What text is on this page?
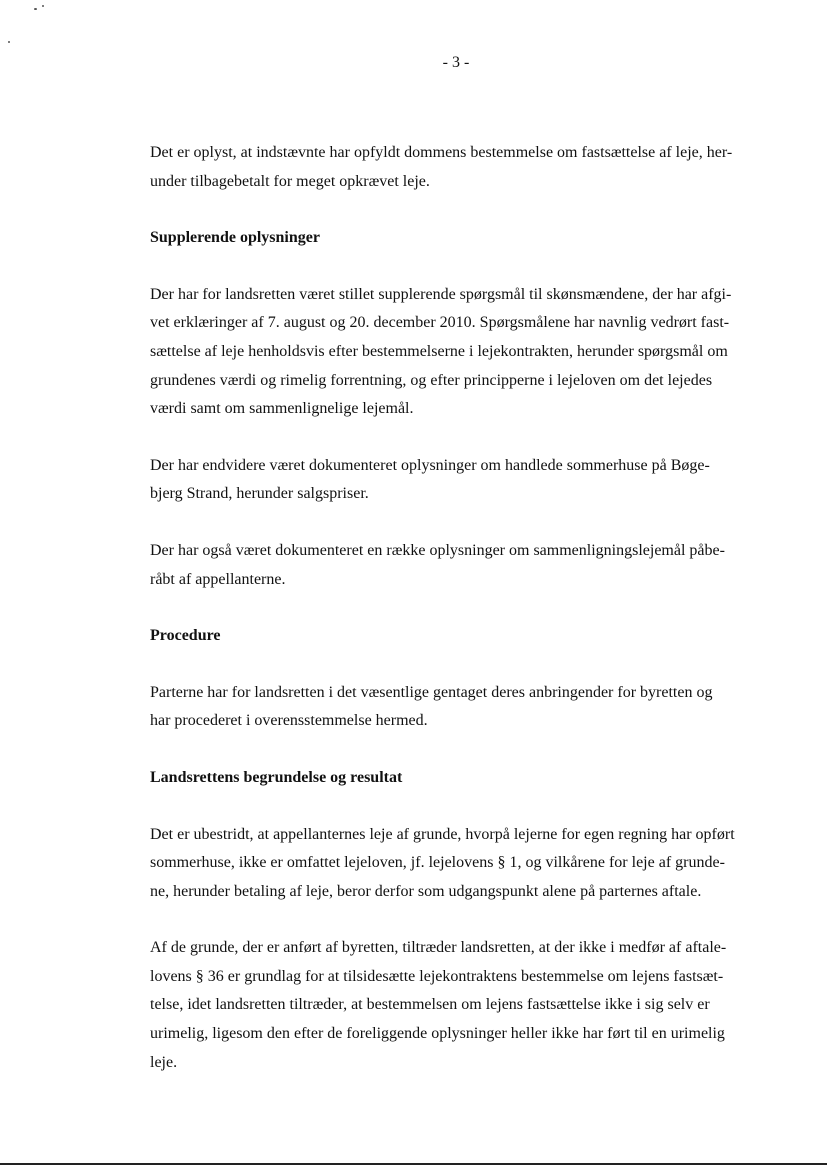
- 3 -

Det er oplyst, at indstævnte har opfyldt dommens bestemmelse om fastsættelse af leje, her-
under tilbagebetalt for meget opkrævet leje.

Supplerende oplysninger

Der har for landsretten været stillet supplerende spørgsmål til skønsmændene, der har afgi-
vet erklæringer af 7. august og 20. december 2010. Spørgsmålene har navnlig vedrørt fast-
sættelse af leje henholdsvis efter bestemmelserne i lejekontrakten, herunder spørgsmål om
grundenes værdi og rimelig forrentning, og efter principperne i lejeloven om det lejedes
værdi samt om sammenlignelige lejemål.

Der har endvidere været dokumenteret oplysninger om handlede sommerhuse på Bøge-
bjerg Strand, herunder salgspriser.

Der har også været dokumenteret en række oplysninger om sammenligningslejemål påbe-
råbt af appellanterne.

Procedure

Parterne har for landsretten i det væsentlige gentaget deres anbringender for byretten og
har procederet i overensstemmelse hermed.

Landsrettens begrundelse og resultat

Det er ubestridt, at appellanternes leje af grunde, hvorpå lejerne for egen regning har opført
sommerhuse, ikke er omfattet lejeloven, jf. lejelovens § 1, og vilkårene for leje af grunde-
ne, herunder betaling af leje, beror derfor som udgangspunkt alene på parternes aftale.

Af de grunde, der er anført af byretten, tiltræder landsretten, at der ikke i medfør af aftale-
lovens § 36 er grundlag for at tilsidesætte lejekontraktens bestemmelse om lejens fastsæt-
telse, idet landsretten tiltræder, at bestemmelsen om lejens fastsættelse ikke i sig selv er
urimelig, ligesom den efter de foreliggende oplysninger heller ikke har ført til en urimelig
leje.
